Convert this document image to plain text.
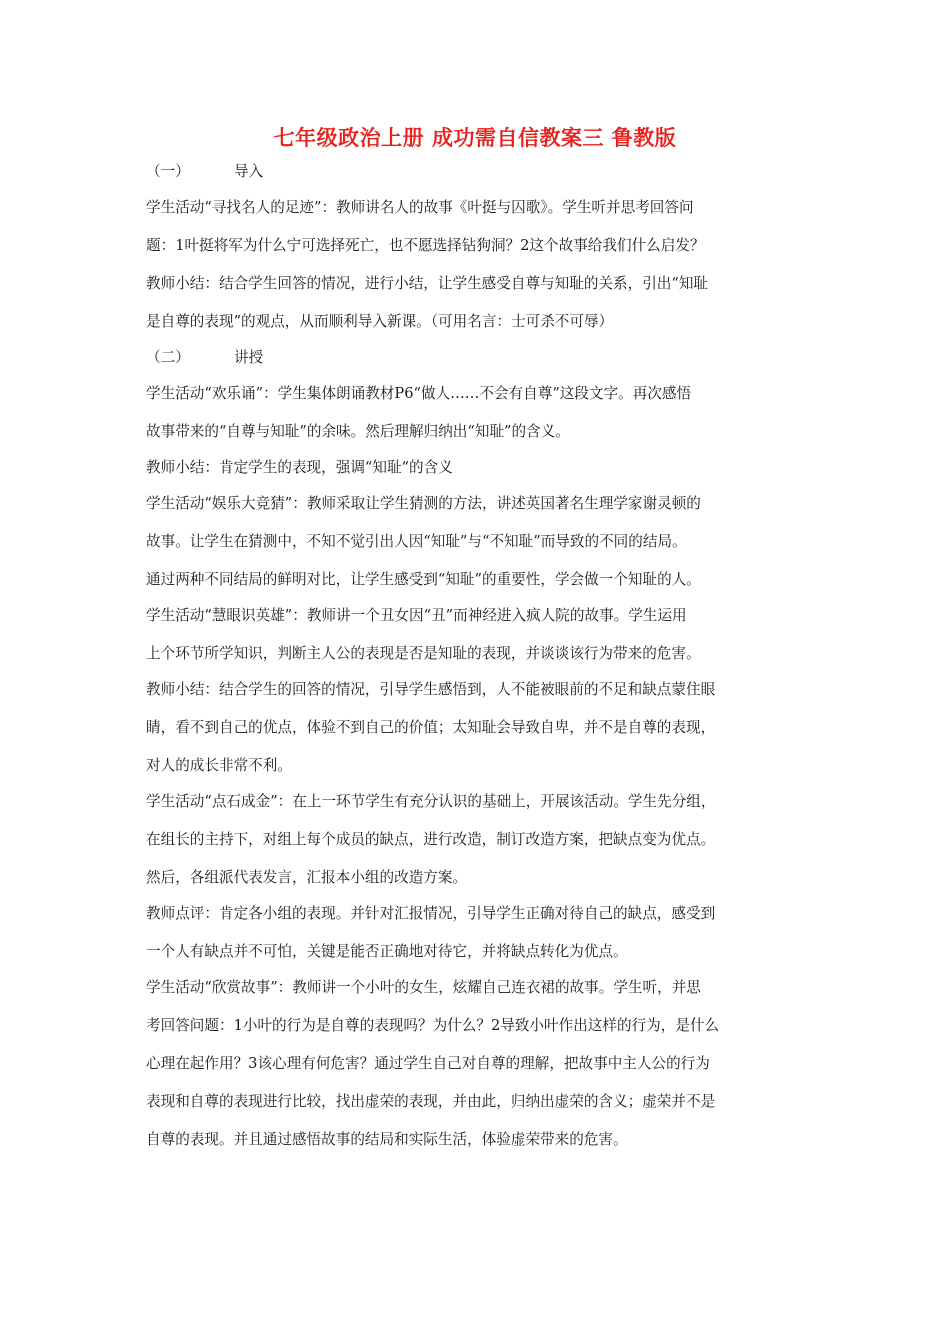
七年级政治上册 成功需自信教案三 鲁教版
（一）	导入

学生活动“寻找名人的足迹”：教师讲名人的故事《叶挺与囚歌》。学生听并思考回答问

题：1叶挺将军为什么宁可选择死亡，也不愿选择钻狗洞？2这个故事给我们什么启发？

教师小结：结合学生回答的情况，进行小结，让学生感受自尊与知耻的关系，引出“知耻

是自尊的表现”的观点，从而顺利导入新课。（可用名言：士可杀不可辱）

（二）	讲授

学生活动“欢乐诵”：学生集体朗诵教材P6“做人……不会有自尊”这段文字。再次感悟

故事带来的“自尊与知耻”的余味。然后理解归纳出“知耻”的含义。

教师小结：肯定学生的表现，强调“知耻“的含义

学生活动“娱乐大竞猜”：教师采取让学生猜测的方法，讲述英国著名生理学家谢灵顿的

故事。让学生在猜测中，不知不觉引出人因“知耻”与“不知耻”而导致的不同的结局。

通过两种不同结局的鲜明对比，让学生感受到“知耻”的重要性，学会做一个知耻的人。

学生活动“慧眼识英雄”：教师讲一个丑女因“丑”而神经进入疯人院的故事。学生运用

上个环节所学知识，判断主人公的表现是否是知耻的表现，并谈谈该行为带来的危害。

教师小结：结合学生的回答的情况，引导学生感悟到，人不能被眼前的不足和缺点蒙住眼

睛，看不到自己的优点，体验不到自己的价值；太知耻会导致自卑，并不是自尊的表现，

对人的成长非常不利。

学生活动“点石成金”：在上一环节学生有充分认识的基础上，开展该活动。学生先分组，

在组长的主持下，对组上每个成员的缺点，进行改造，制订改造方案，把缺点变为优点。

然后，各组派代表发言，汇报本小组的改造方案。

教师点评：肯定各小组的表现。并针对汇报情况，引导学生正确对待自己的缺点，感受到

一个人有缺点并不可怕，关键是能否正确地对待它，并将缺点转化为优点。

学生活动“欣赏故事”：教师讲一个小叶的女生，炫耀自己连衣裙的故事。学生听，并思

考回答问题：1小叶的行为是自尊的表现吗？为什么？2导致小叶作出这样的行为，是什么

心理在起作用？3该心理有何危害？通过学生自己对自尊的理解，把故事中主人公的行为

表现和自尊的表现进行比较，找出虚荣的表现，并由此，归纳出虚荣的含义；虚荣并不是

自尊的表现。并且通过感悟故事的结局和实际生活，体验虚荣带来的危害。
